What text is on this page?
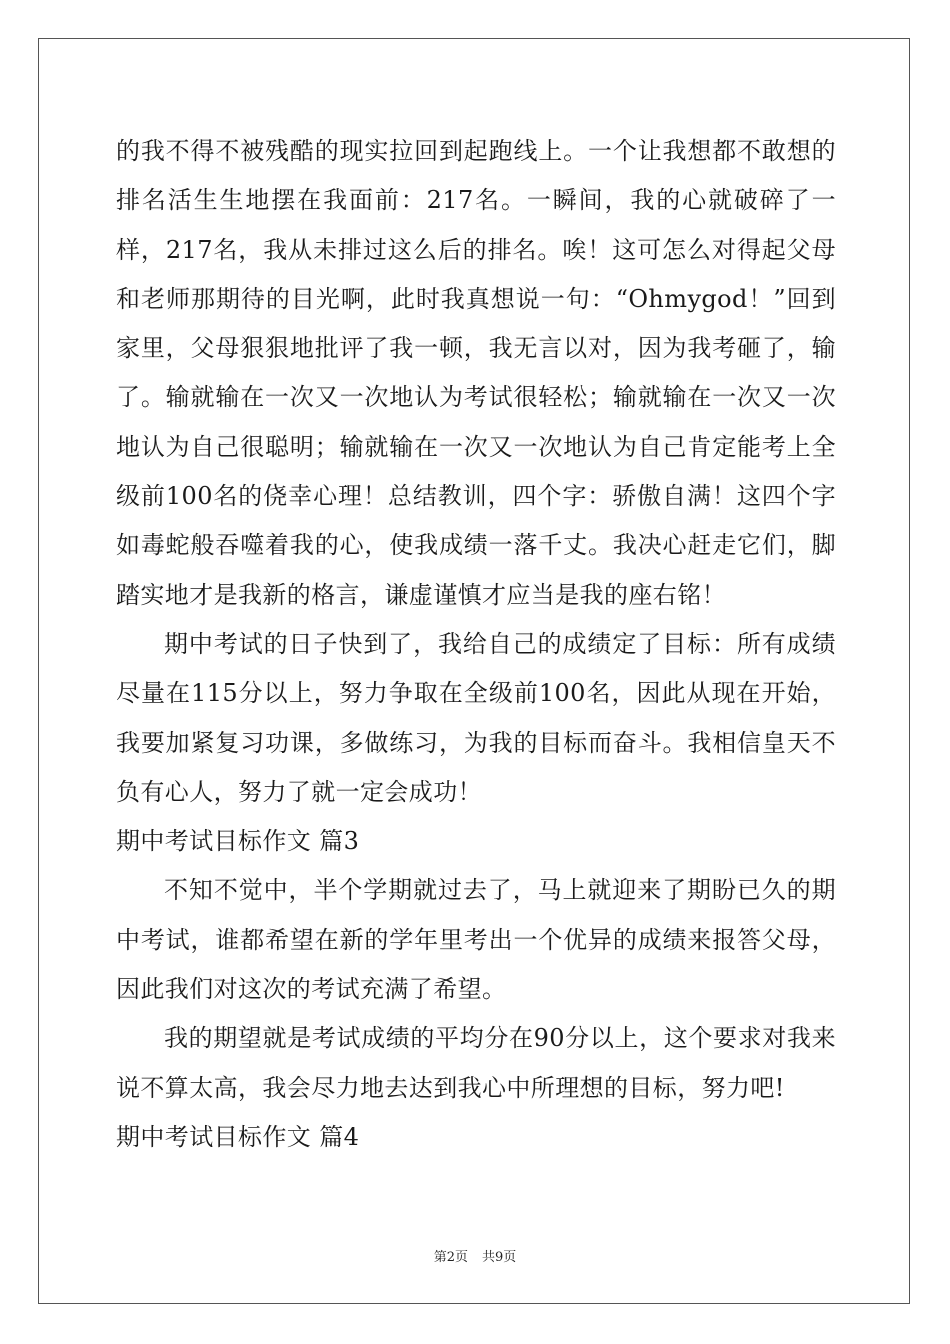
的我不得不被残酷的现实拉回到起跑线上。一个让我想都不敢想的排名活生生地摆在我面前：217名。一瞬间，我的心就破碎了一样，217名，我从未排过这么后的排名。唉！这可怎么对得起父母和老师那期待的目光啊，此时我真想说一句：“Ohmygod！”回到家里，父母狠狠地批评了我一顿，我无言以对，因为我考砸了，输了。输就输在一次又一次地认为考试很轻松；输就输在一次又一次地认为自己很聪明；输就输在一次又一次地认为自己肯定能考上全级前100名的侥幸心理！总结教训，四个字：骄傲自满！这四个字如毒蛇般吞噬着我的心，使我成绩一落千丈。我决心赶走它们，脚踏实地才是我新的格言，谦虚谨慎才应当是我的座右铭！

期中考试的日子快到了，我给自己的成绩定了目标：所有成绩尽量在115分以上，努力争取在全级前100名，因此从现在开始，我要加紧复习功课，多做练习，为我的目标而奋斗。我相信皇天不负有心人，努力了就一定会成功！

期中考试目标作文 篇3

不知不觉中，半个学期就过去了，马上就迎来了期盼已久的期中考试，谁都希望在新的学年里考出一个优异的成绩来报答父母，因此我们对这次的考试充满了希望。

我的期望就是考试成绩的平均分在90分以上，这个要求对我来说不算太高，我会尽力地去达到我心中所理想的目标，努力吧!

期中考试目标作文 篇4

第2页 共9页
